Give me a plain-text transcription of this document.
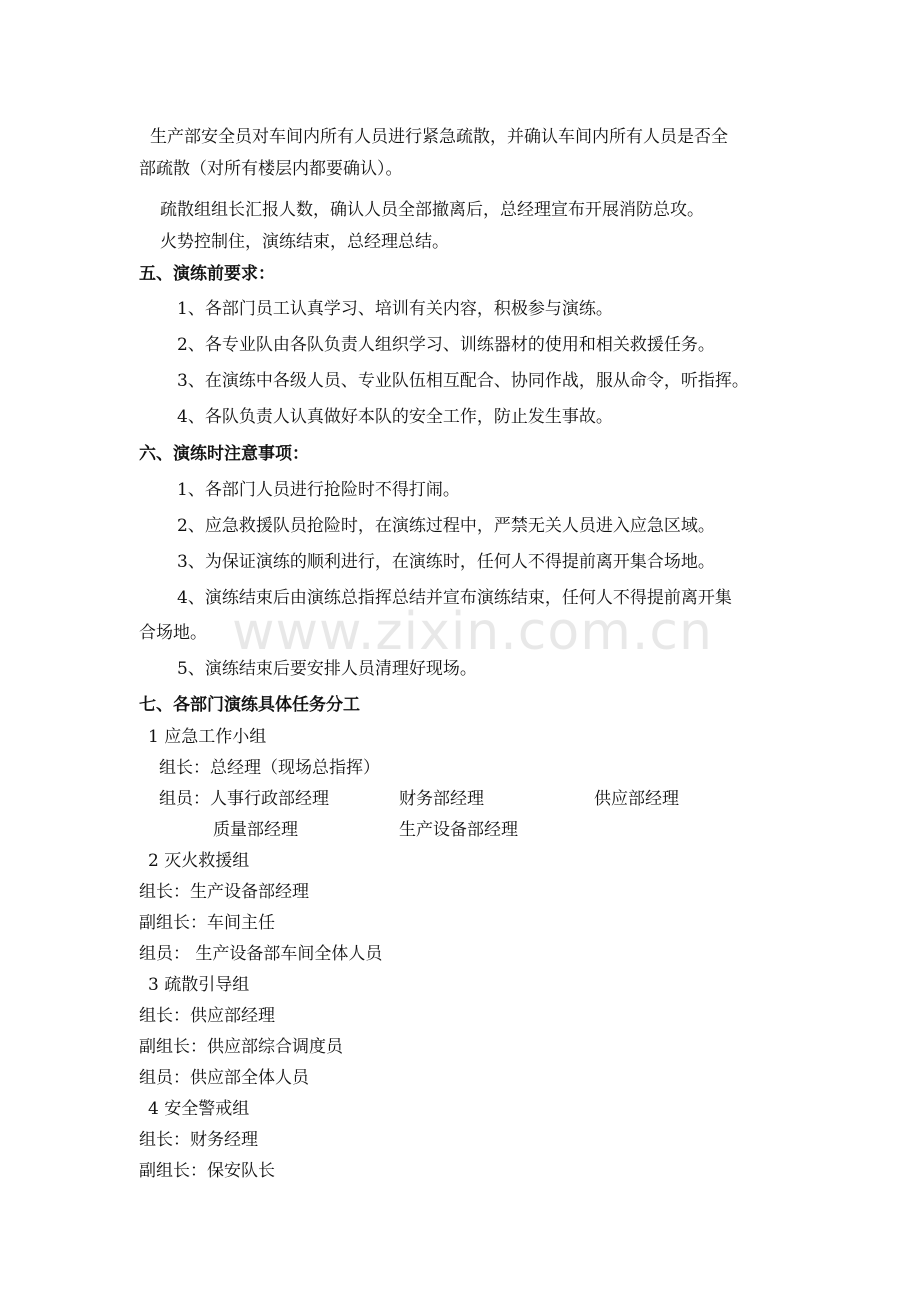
生产部安全员对车间内所有人员进行紧急疏散，并确认车间内所有人员是否全
部疏散（对所有楼层内都要确认）。
疏散组组长汇报人数，确认人员全部撤离后，总经理宣布开展消防总攻。
火势控制住，演练结束，总经理总结。
五、演练前要求：
1、各部门员工认真学习、培训有关内容，积极参与演练。
2、各专业队由各队负责人组织学习、训练器材的使用和相关救援任务。
3、在演练中各级人员、专业队伍相互配合、协同作战，服从命令，听指挥。
4、各队负责人认真做好本队的安全工作，防止发生事故。
六、演练时注意事项：
1、各部门人员进行抢险时不得打闹。
2、应急救援队员抢险时，在演练过程中，严禁无关人员进入应急区域。
3、为保证演练的顺利进行，在演练时，任何人不得提前离开集合场地。
4、演练结束后由演练总指挥总结并宣布演练结束，任何人不得提前离开集
合场地。
5、演练结束后要安排人员清理好现场。
七、各部门演练具体任务分工
1 应急工作小组
组长：总经理（现场总指挥）
组员：人事行政部经理	财务部经理	供应部经理
质量部经理	生产设备部经理
2 灭火救援组
组长：生产设备部经理
副组长：车间主任
组员： 生产设备部车间全体人员
3 疏散引导组
组长：供应部经理
副组长：供应部综合调度员
组员：供应部全体人员
4 安全警戒组
组长：财务经理
副组长：保安队长
www.zixin.com.cn
